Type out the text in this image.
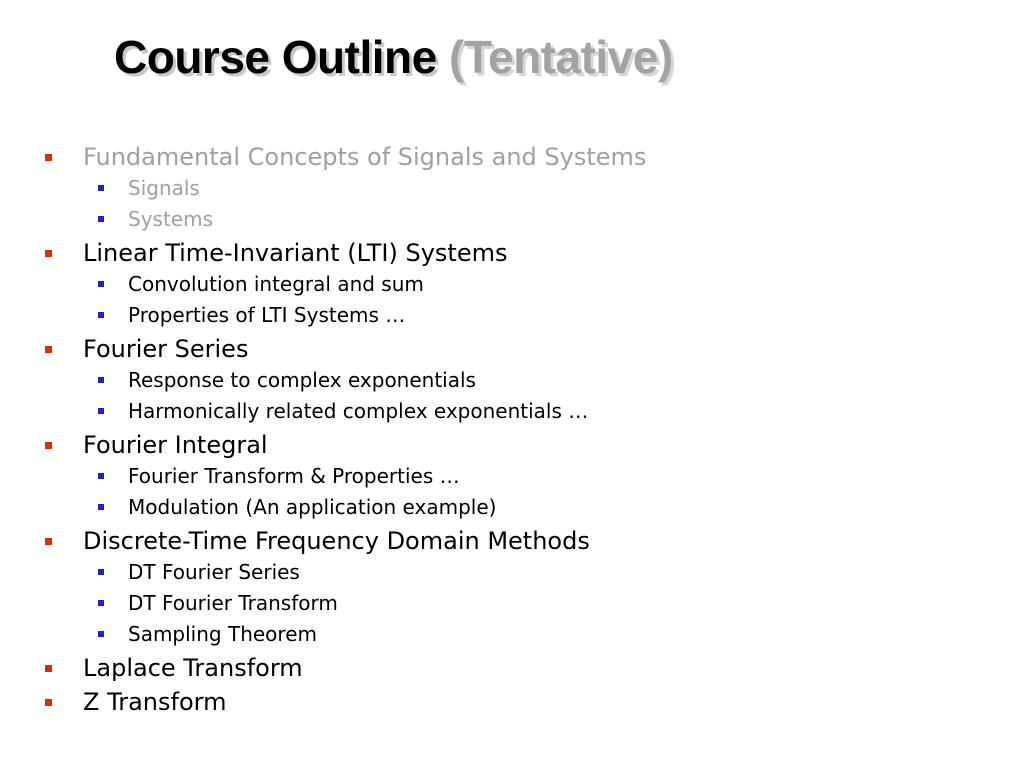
Course Outline (Tentative)
Fundamental Concepts of Signals and Systems
Signals
Systems
Linear Time-Invariant (LTI) Systems
Convolution integral and sum
Properties of LTI Systems …
Fourier Series
Response to complex exponentials
Harmonically related complex exponentials …
Fourier Integral
Fourier Transform & Properties …
Modulation (An application example)
Discrete-Time Frequency Domain Methods
DT Fourier Series
DT Fourier Transform
Sampling Theorem
Laplace Transform
Z Transform
